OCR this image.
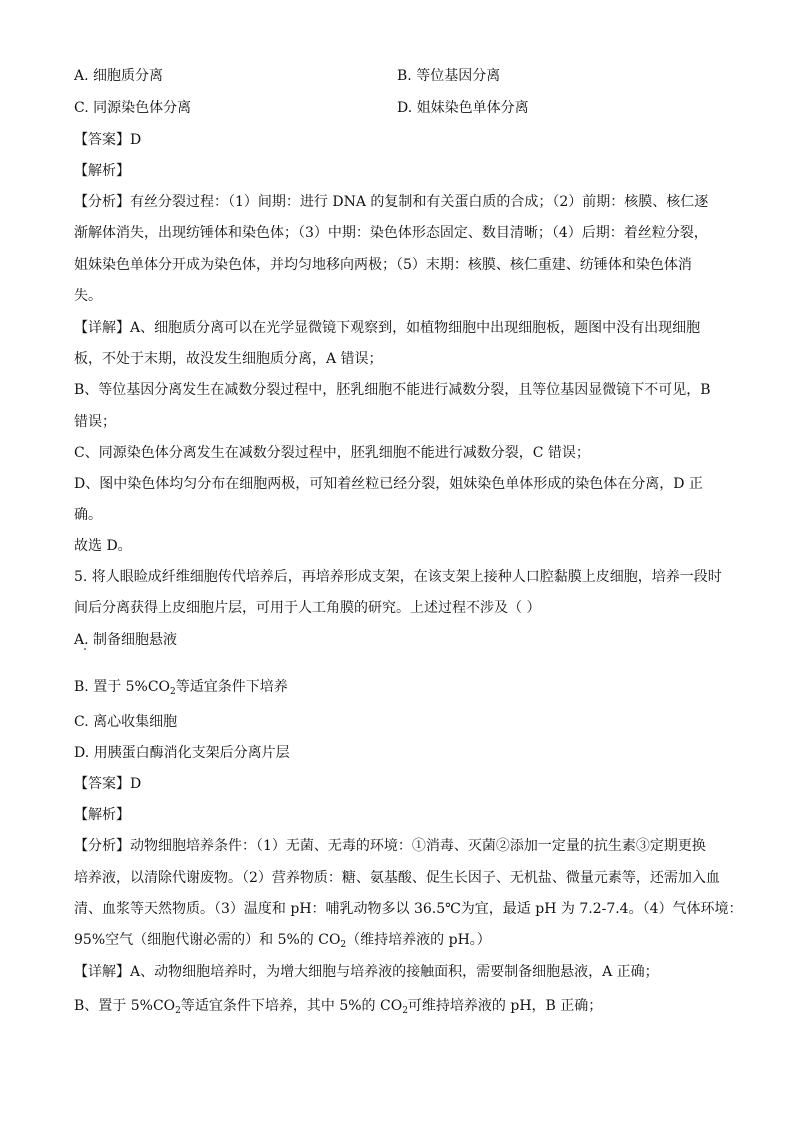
A. 细胞质分离	B. 等位基因分离
C. 同源染色体分离	D. 姐妹染色单体分离
【答案】D
【解析】
【分析】有丝分裂过程：（1）间期：进行 DNA 的复制和有关蛋白质的合成；（2）前期：核膜、核仁逐
渐解体消失，出现纺锤体和染色体；（3）中期：染色体形态固定、数目清晰；（4）后期：着丝粒分裂，
姐妹染色单体分开成为染色体，并均匀地移向两极；（5）末期：核膜、核仁重建、纺锤体和染色体消
失。
【详解】A、细胞质分离可以在光学显微镜下观察到，如植物细胞中出现细胞板，题图中没有出现细胞
板，不处于末期，故没发生细胞质分离，A 错误；
B、等位基因分离发生在减数分裂过程中，胚乳细胞不能进行减数分裂，且等位基因显微镜下不可见，B
错误；
C、同源染色体分离发生在减数分裂过程中，胚乳细胞不能进行减数分裂，C 错误；
D、图中染色体均匀分布在细胞两极，可知着丝粒已经分裂，姐妹染色单体形成的染色体在分离，D 正
确。
故选 D。
5. 将人眼睑成纤维细胞传代培养后，再培养形成支架，在该支架上接种人口腔黏膜上皮细胞，培养一段时
间后分离获得上皮细胞片层，可用于人工角膜的研究。上述过程不涉及（ ）
A. 制备细胞悬液
B. 置于 $5\%CO_2$等适宜条件下培养
C. 离心收集细胞
D. 用胰蛋白酶消化支架后分离片层
【答案】D
【解析】
【分析】动物细胞培养条件：（1）无菌、无毒的环境：①消毒、灭菌②添加一定量的抗生素③定期更换
培养液，以清除代谢废物。（2）营养物质：糖、氨基酸、促生长因子、无机盐、微量元素等，还需加入血
清、血浆等天然物质。（3）温度和 pH：哺乳动物多以 36.5℃为宜，最适 pH 为 7.2-7.4。（4）气体环境：
95%空气（细胞代谢必需的）和 5%的 $CO_2$（维持培养液的 pH。）
【详解】A、动物细胞培养时，为增大细胞与培养液的接触面积，需要制备细胞悬液，A 正确；
B、置于 $5\%CO_2$等适宜条件下培养，其中 5%的 $CO_2$可维持培养液的 pH，B 正确；
